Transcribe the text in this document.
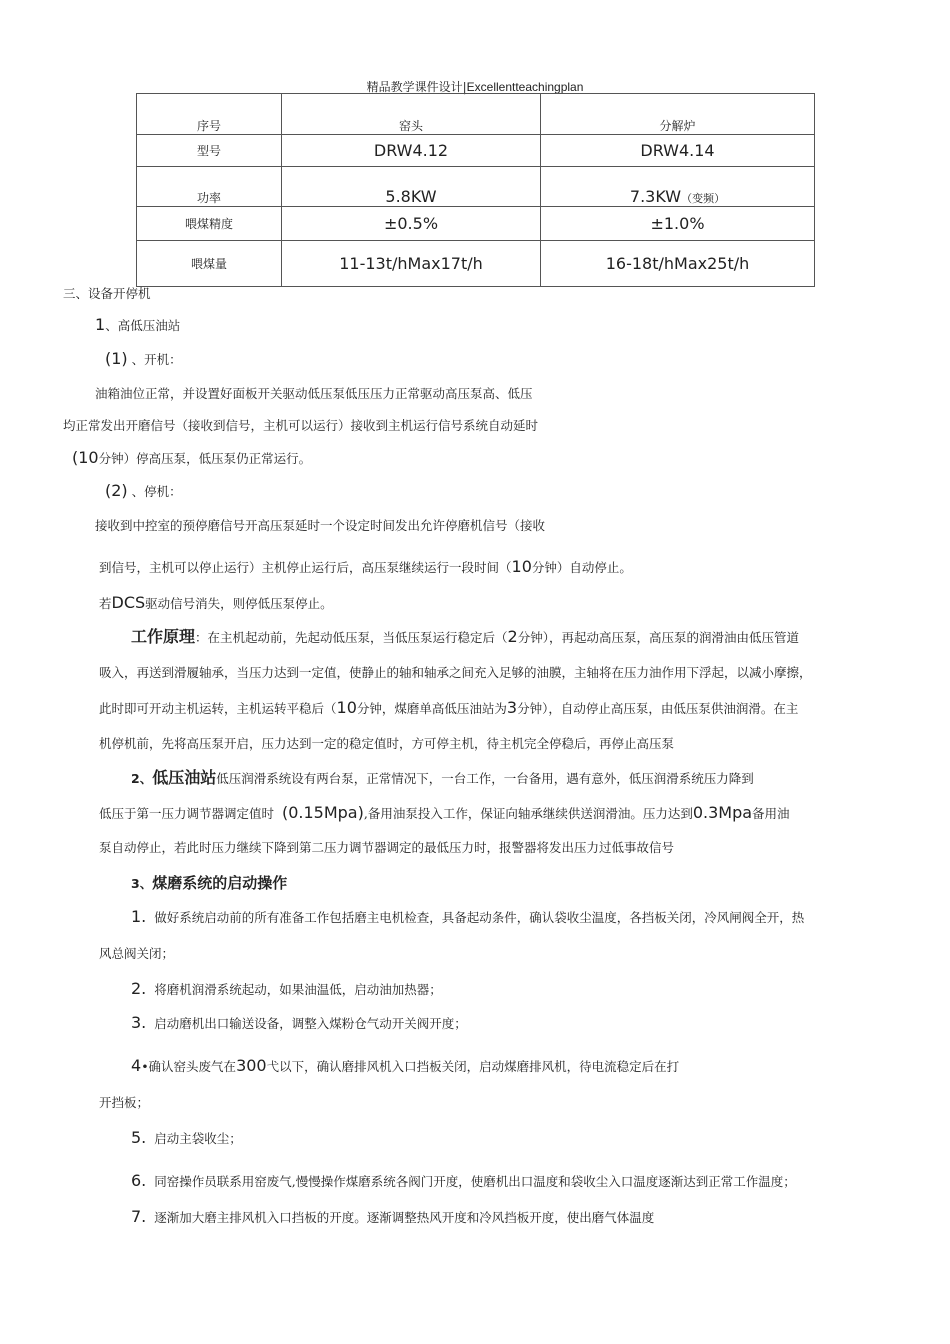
精品教学课件设计|Excellentteachingplan
序号	窑头	分解炉
型号	DRW4.12	DRW4.14
功率	5.8KW	7.3KW（变频）
喂煤精度	±0.5%	±1.0%
喂煤量	11-13t/hMax17t/h	16-18t/hMax25t/h
三、设备开停机
1、高低压油站
(1) 、开机：
油箱油位正常，并设置好面板开关驱动低压泵低压压力正常驱动高压泵高、低压
均正常发出开磨信号（接收到信号，主机可以运行）接收到主机运行信号系统自动延时
(10分钟）停高压泵，低压泵仍正常运行。
(2) 、停机：
接收到中控室的预停磨信号开高压泵延时一个设定时间发出允许停磨机信号（接收
到信号，主机可以停止运行）主机停止运行后，高压泵继续运行一段时间（10分钟）自动停止。
若DCS驱动信号消失，则停低压泵停止。
工作原理：在主机起动前，先起动低压泵，当低压泵运行稳定后（2分钟），再起动高压泵，高压泵的润滑油由低压管道
吸入，再送到滑履轴承，当压力达到一定值，使静止的轴和轴承之间充入足够的油膜，主轴将在压力油作用下浮起，以减小摩擦，
此时即可开动主机运转，主机运转平稳后（10分钟，煤磨单高低压油站为3分钟），自动停止高压泵，由低压泵供油润滑。在主
机停机前，先将高压泵开启，压力达到一定的稳定值时，方可停主机，待主机完全停稳后，再停止高压泵
2、低压油站低压润滑系统设有两台泵，正常情况下，一台工作，一台备用，遇有意外，低压润滑系统压力降到
低压于第一压力调节器调定值时 (0.15Mpa),备用油泵投入工作，保证向轴承继续供送润滑油。压力达到0.3Mpa备用油
泵自动停止，若此时压力继续下降到第二压力调节器调定的最低压力时，报警器将发出压力过低事故信号
3、煤磨系统的启动操作
1. 做好系统启动前的所有准备工作包括磨主电机检查，具备起动条件，确认袋收尘温度，各挡板关闭，冷风闸阀全开，热
风总阀关闭；
2. 将磨机润滑系统起动，如果油温低，启动油加热器；
3. 启动磨机出口输送设备，调整入煤粉仓气动开关阀开度；
4•确认窑头废气在300弋以下，确认磨排风机入口挡板关闭，启动煤磨排风机，待电流稳定后在打
开挡板；
5. 启动主袋收尘；
6. 同窑操作员联系用窑废气,慢慢操作煤磨系统各阀门开度，使磨机出口温度和袋收尘入口温度逐渐达到正常工作温度；
7. 逐渐加大磨主排风机入口挡板的开度。逐渐调整热风开度和冷风挡板开度，使出磨气体温度
